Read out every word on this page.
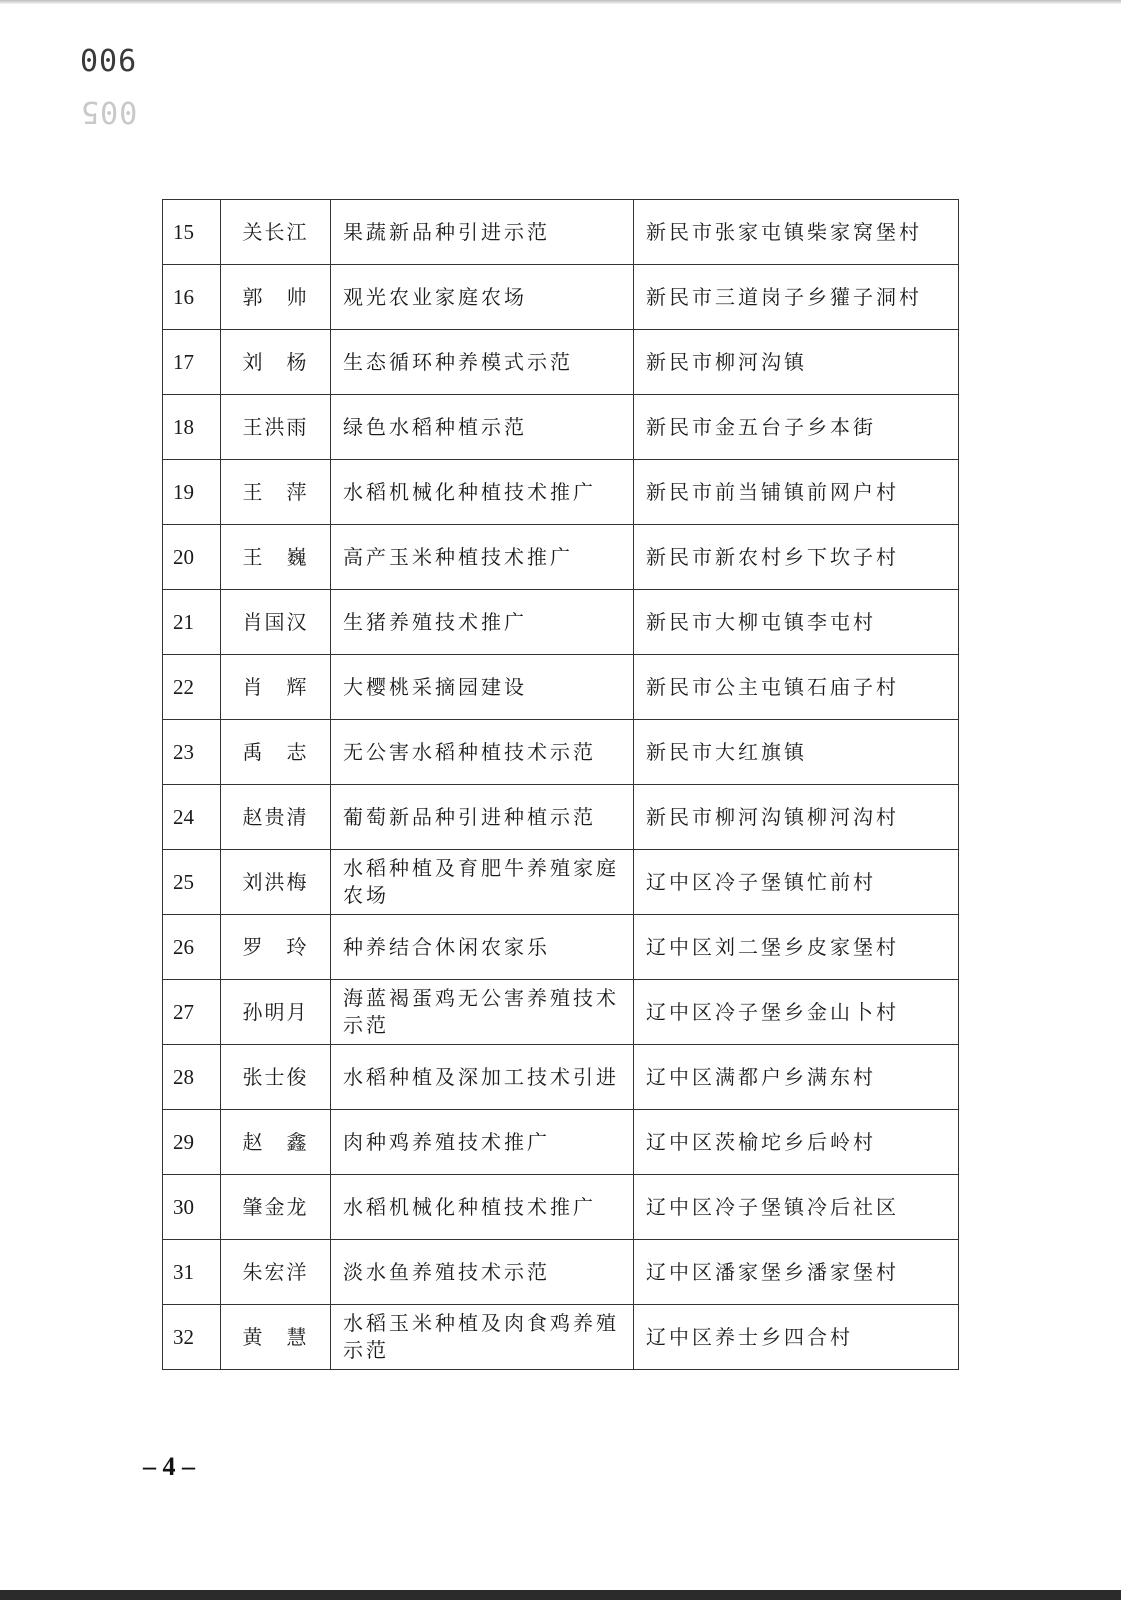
006
005
15	关长江	果蔬新品种引进示范	新民市张家屯镇柴家窝堡村
16	郭　帅	观光农业家庭农场	新民市三道岗子乡獾子洞村
17	刘　杨	生态循环种养模式示范	新民市柳河沟镇
18	王洪雨	绿色水稻种植示范	新民市金五台子乡本街
19	王　萍	水稻机械化种植技术推广	新民市前当铺镇前网户村
20	王　巍	高产玉米种植技术推广	新民市新农村乡下坎子村
21	肖国汉	生猪养殖技术推广	新民市大柳屯镇李屯村
22	肖　辉	大樱桃采摘园建设	新民市公主屯镇石庙子村
23	禹　志	无公害水稻种植技术示范	新民市大红旗镇
24	赵贵清	葡萄新品种引进种植示范	新民市柳河沟镇柳河沟村
25	刘洪梅	水稻种植及育肥牛养殖家庭农场	辽中区冷子堡镇忙前村
26	罗　玲	种养结合休闲农家乐	辽中区刘二堡乡皮家堡村
27	孙明月	海蓝褐蛋鸡无公害养殖技术示范	辽中区冷子堡乡金山卜村
28	张士俊	水稻种植及深加工技术引进	辽中区满都户乡满东村
29	赵　鑫	肉种鸡养殖技术推广	辽中区茨榆坨乡后岭村
30	肇金龙	水稻机械化种植技术推广	辽中区冷子堡镇冷后社区
31	朱宏洋	淡水鱼养殖技术示范	辽中区潘家堡乡潘家堡村
32	黄　慧	水稻玉米种植及肉食鸡养殖示范	辽中区养士乡四合村
– 4 –
